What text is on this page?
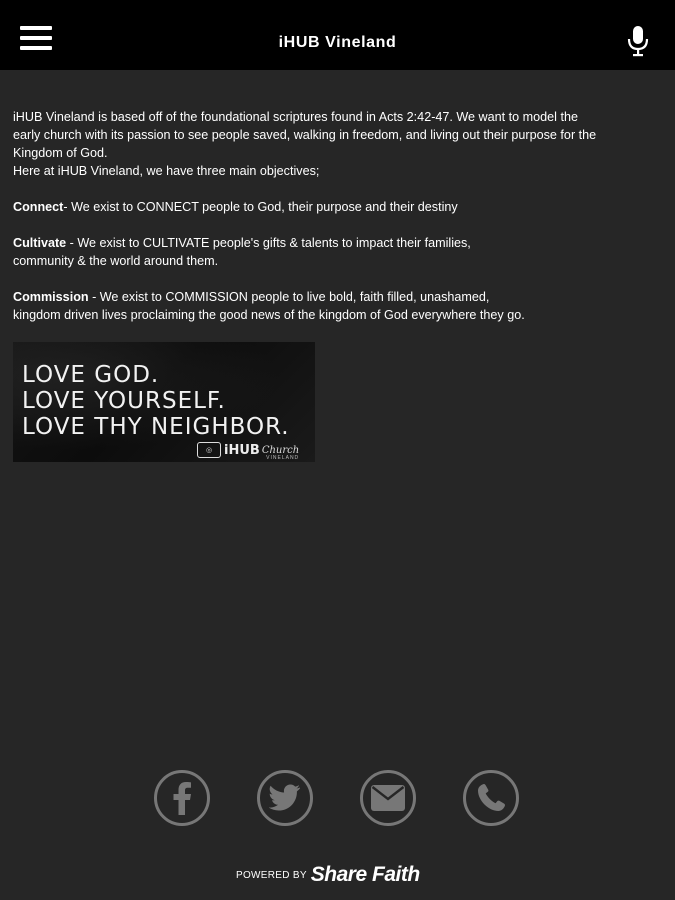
iHUB Vineland

iHUB Vineland is based off of the foundational scriptures found in Acts 2:42-47. We want to model the

early church with its passion to see people saved, walking in freedom, and living out their purpose for the

Kingdom of God.

Here at iHUB Vineland, we have three main objectives;

Connect- We exist to CONNECT people to God, their purpose and their destiny

Cultivate - We exist to CULTIVATE people's gifts & talents to impact their families,

community & the world around them.

Commission - We exist to COMMISSION people to live bold, faith filled, unashamed,

kingdom driven lives proclaiming the good news of the kingdom of God everywhere they go.

LOVE GOD.
LOVE YOURSELF.
LOVE THY NEIGHBOR.
◎ iHUB Church
VINELAND
POWERED BY Share Faith
